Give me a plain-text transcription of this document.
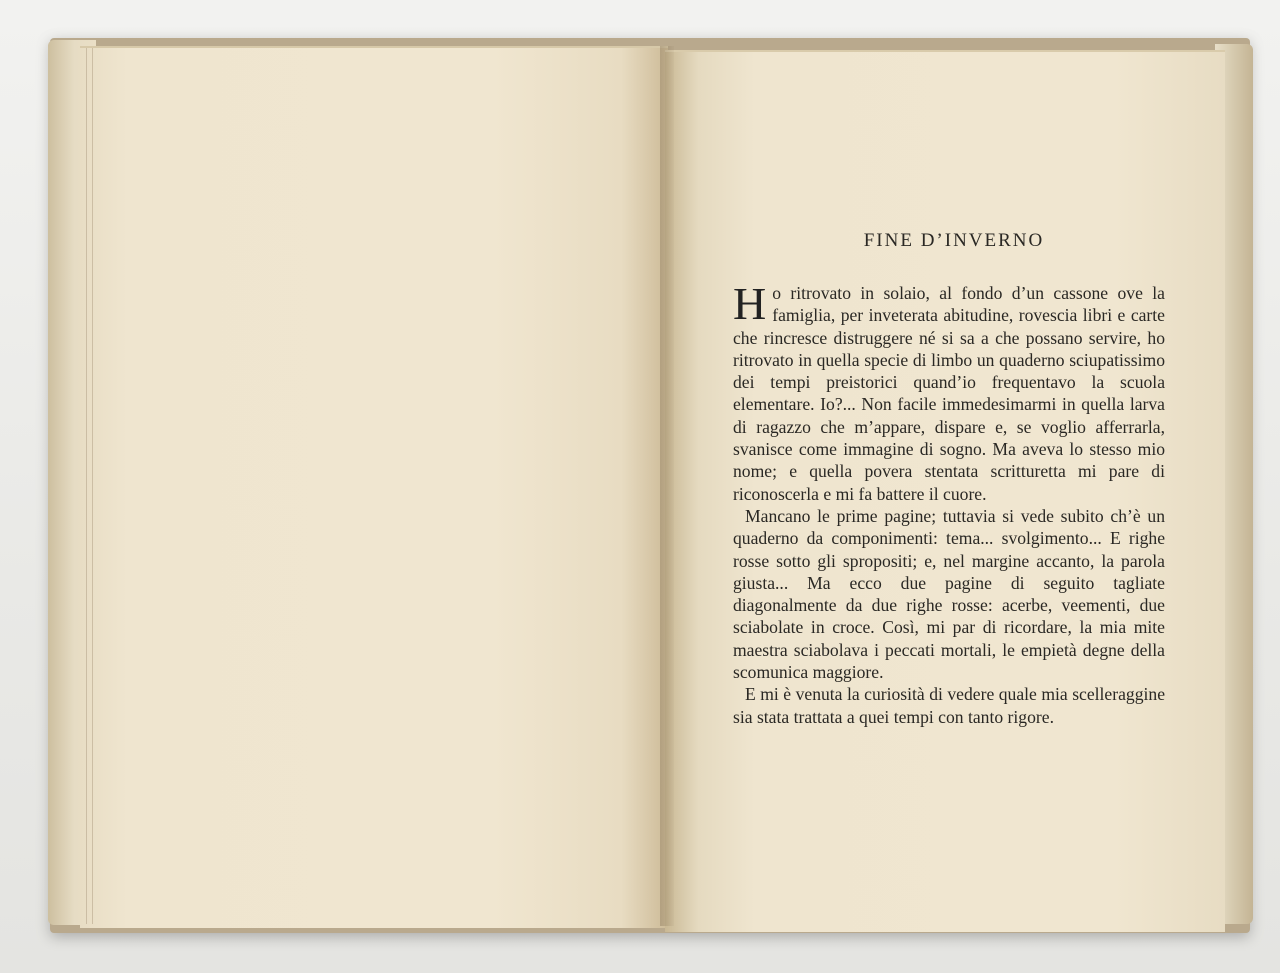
FINE D’INVERNO

Ho ritrovato in solaio, al fondo d’un cassone ove la famiglia, per inveterata abitudine, rovescia libri e carte che rincresce distruggere né si sa a che possano servire, ho ritrovato in quella specie di limbo un quaderno sciupatissimo dei tempi preistorici quand’io frequentavo la scuola elementare. Io?... Non facile immedesimarmi in quella larva di ragazzo che m’appare, dispare e, se voglio afferrarla, svanisce come immagine di sogno. Ma aveva lo stesso mio nome; e quella povera stentata scritturetta mi pare di riconoscerla e mi fa battere il cuore.

Mancano le prime pagine; tuttavia si vede subito ch’è un quaderno da componimenti: tema... svolgimento... E righe rosse sotto gli spropositi; e, nel margine accanto, la parola giusta... Ma ecco due pagine di seguito tagliate diagonalmente da due righe rosse: acerbe, veementi, due sciabolate in croce. Così, mi par di ricordare, la mia mite maestra sciabolava i peccati mortali, le empietà degne della scomunica maggiore.

E mi è venuta la curiosità di vedere quale mia scelleraggine sia stata trattata a quei tempi con tanto rigore.
